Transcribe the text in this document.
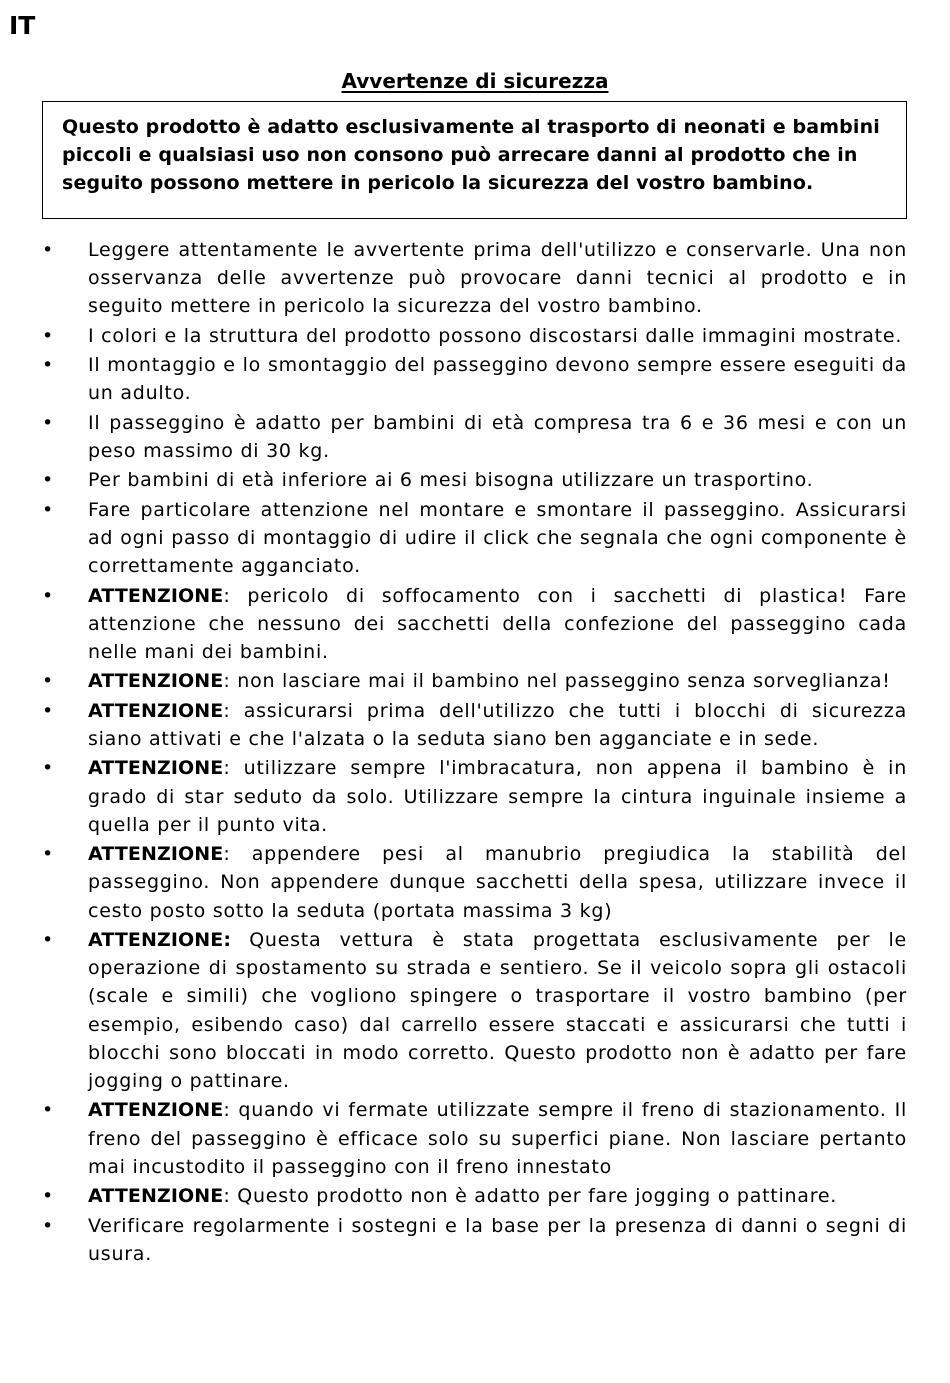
IT
Avvertenze di sicurezza

Questo prodotto è adatto esclusivamente al trasporto di neonati e bambini piccoli e qualsiasi uso non consono può arrecare danni al prodotto che in seguito possono mettere in pericolo la sicurezza del vostro bambino.

• Leggere attentamente le avvertente prima dell'utilizzo e conservarle. Una non osservanza delle avvertenze può provocare danni tecnici al prodotto e in seguito mettere in pericolo la sicurezza del vostro bambino.
• I colori e la struttura del prodotto possono discostarsi dalle immagini mostrate.
• Il montaggio e lo smontaggio del passeggino devono sempre essere eseguiti da un adulto.
• Il passeggino è adatto per bambini di età compresa tra 6 e 36 mesi e con un peso massimo di 30 kg.
• Per bambini di età inferiore ai 6 mesi bisogna utilizzare un trasportino.
• Fare particolare attenzione nel montare e smontare il passeggino. Assicurarsi ad ogni passo di montaggio di udire il click che segnala che ogni componente è correttamente agganciato.
• ATTENZIONE: pericolo di soffocamento con i sacchetti di plastica! Fare attenzione che nessuno dei sacchetti della confezione del passeggino cada nelle mani dei bambini.
• ATTENZIONE: non lasciare mai il bambino nel passeggino senza sorveglianza!
• ATTENZIONE: assicurarsi prima dell'utilizzo che tutti i blocchi di sicurezza siano attivati e che l'alzata o la seduta siano ben agganciate e in sede.
• ATTENZIONE: utilizzare sempre l'imbracatura, non appena il bambino è in grado di star seduto da solo. Utilizzare sempre la cintura inguinale insieme a quella per il punto vita.
• ATTENZIONE: appendere pesi al manubrio pregiudica la stabilità del passeggino. Non appendere dunque sacchetti della spesa, utilizzare invece il cesto posto sotto la seduta (portata massima 3 kg)
• ATTENZIONE: Questa vettura è stata progettata esclusivamente per le operazione di spostamento su strada e sentiero. Se il veicolo sopra gli ostacoli (scale e simili) che vogliono spingere o trasportare il vostro bambino (per esempio, esibendo caso) dal carrello essere staccati e assicurarsi che tutti i blocchi sono bloccati in modo corretto. Questo prodotto non è adatto per fare jogging o pattinare.
• ATTENZIONE: quando vi fermate utilizzate sempre il freno di stazionamento. Il freno del passeggino è efficace solo su superfici piane. Non lasciare pertanto mai incustodito il passeggino con il freno innestato
• ATTENZIONE: Questo prodotto non è adatto per fare jogging o pattinare.
• Verificare regolarmente i sostegni e la base per la presenza di danni o segni di usura.
